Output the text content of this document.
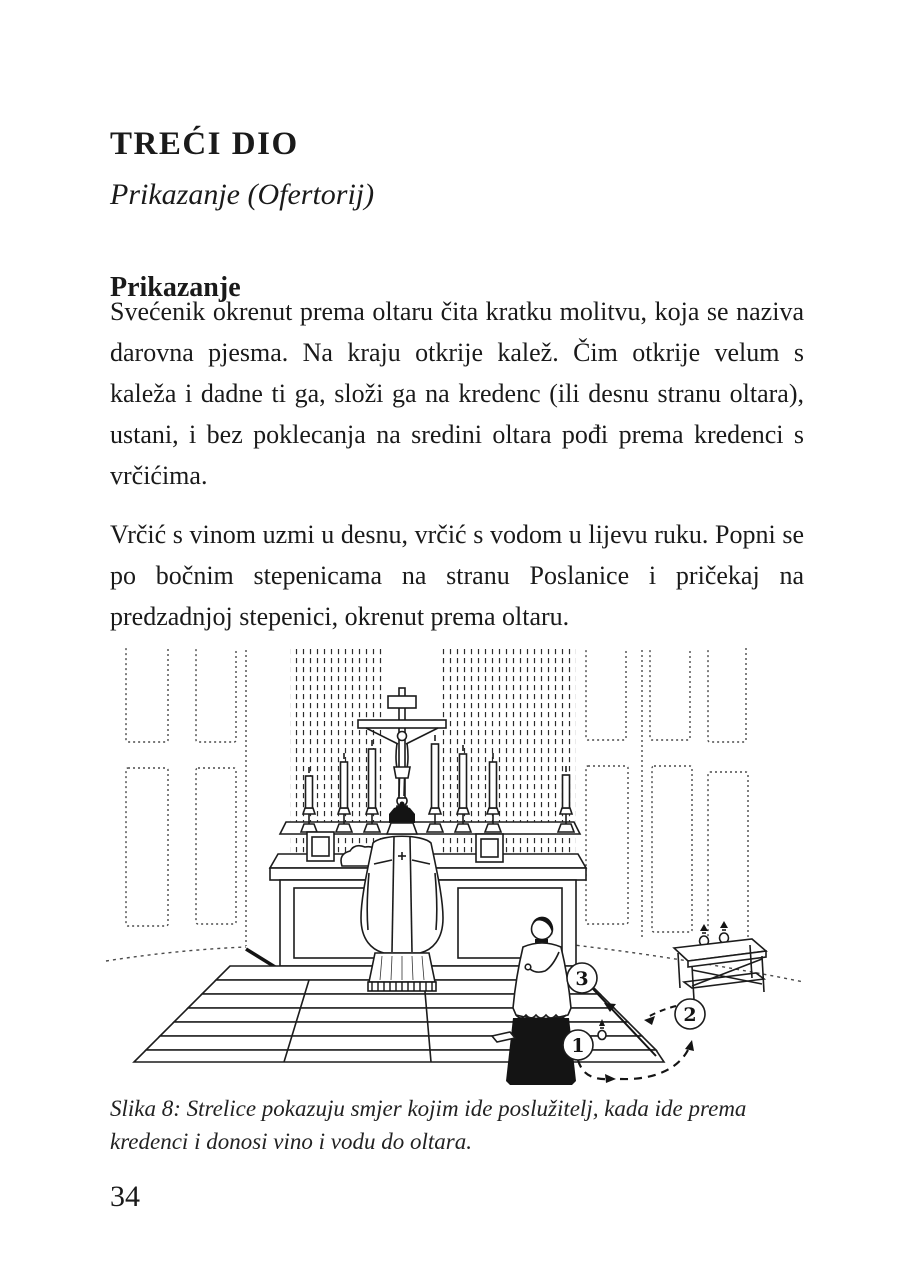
TREĆI DIO
Prikazanje (Ofertorij)
Prikazanje

Svećenik okrenut prema oltaru čita kratku molitvu, koja se naziva darovna pjesma. Na kraju otkrije kalež. Čim otkrije velum s kaleža i dadne ti ga, složi ga na kredenc (ili desnu stranu oltara), ustani, i bez poklecanja na sredini oltara pođi prema kredenci s vrčićima.

Vrčić s vinom uzmi u desnu, vrčić s vodom u lijevu ruku. Popni se po bočnim stepenicama na stranu Poslanice i pričekaj na predzadnjoj stepenici, okrenut prema oltaru.

3
2
1
Slika 8: Strelice pokazuju smjer kojim ide poslužitelj, kada ide prema kredenci i donosi vino i vodu do oltara.
34
